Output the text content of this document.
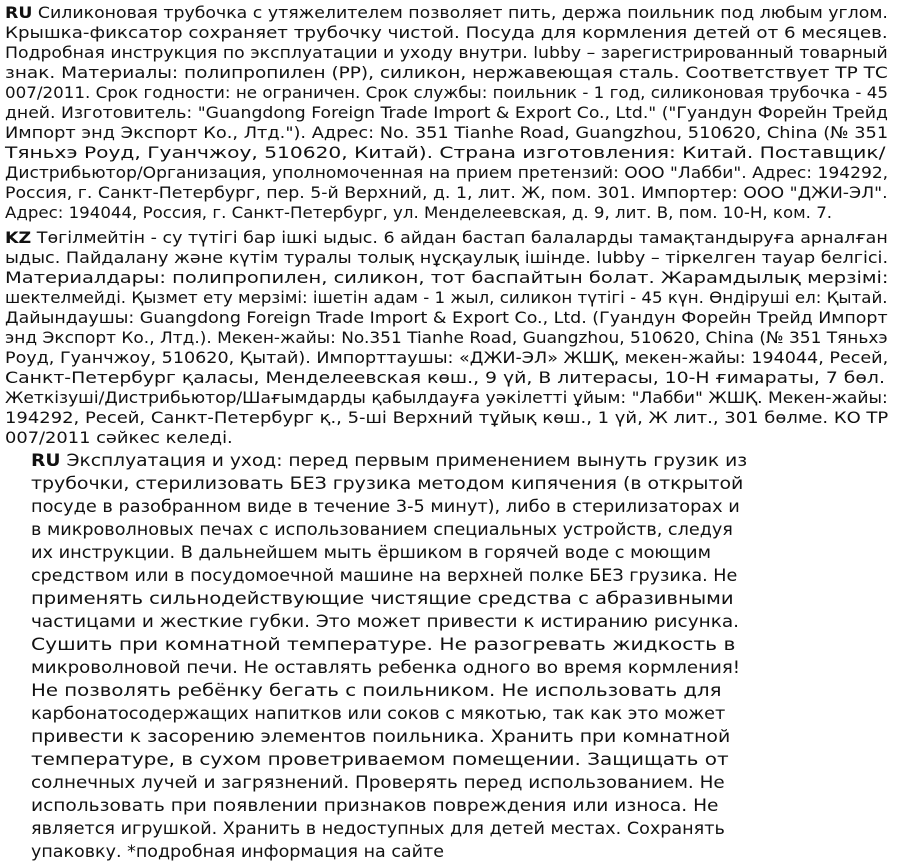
RU Силиконовая трубочка с утяжелителем позволяет пить, держа поильник под любым углом.
Крышка-фиксатор сохраняет трубочку чистой. Посуда для кормления детей от 6 месяцев.
Подробная инструкция по эксплуатации и уходу внутри. lubby – зарегистрированный товарный
знак. Материалы: полипропилен (PP), силикон, нержавеющая сталь. Соответствует ТР ТС
007/2011. Срок годности: не ограничен. Срок службы: поильник - 1 год, силиконовая трубочка - 45
дней. Изготовитель: "Guangdong Foreign Trade Import & Export Co., Ltd." ("Гуандун Форейн Трейд
Импорт энд Экспорт Ко., Лтд."). Адрес: No. 351 Tianhe Road, Guangzhou, 510620, China (№ 351
Тяньхэ Роуд, Гуанчжоу, 510620, Китай). Страна изготовления: Китай. Поставщик/
Дистрибьютор/Организация, уполномоченная на прием претензий: ООО "Лабби". Адрес: 194292,
Россия, г. Санкт-Петербург, пер. 5-й Верхний, д. 1, лит. Ж, пом. 301. Импортер: ООО "ДЖИ-ЭЛ".
Адрес: 194044, Россия, г. Санкт-Петербург, ул. Менделеевская, д. 9, лит. В, пом. 10-Н, ком. 7.
KZ Төгілмейтін - су түтігі бар ішкі ыдыс. 6 айдан бастап балаларды тамақтандыруға арналған
ыдыс. Пайдалану және күтім туралы толық нұсқаулық ішінде. lubby – тіркелген тауар белгісі.
Материалдары: полипропилен, силикон, тот баспайтын болат. Жарамдылық мерзімі:
шектелмейді. Қызмет ету мерзімі: ішетін адам - 1 жыл, силикон түтігі - 45 күн. Өндіруші ел: Қытай.
Дайындаушы: Guangdong Foreign Trade Import & Export Co., Ltd. (Гуандун Форейн Трейд Импорт
энд Экспорт Ко., Лтд.). Мекен-жайы: No.351 Tianhe Road, Guangzhou, 510620, China (№ 351 Тяньхэ
Роуд, Гуанчжоу, 510620, Қытай). Импорттаушы: «ДЖИ-ЭЛ» ЖШҚ, мекен-жайы: 194044, Ресей,
Санкт-Петербург қаласы, Менделеевская көш., 9 үй, В литерасы, 10-Н ғимараты, 7 бөл.
Жеткізуші/Дистрибьютор/Шағымдарды қабылдауға уәкілетті ұйым: "Лабби" ЖШҚ. Мекен-жайы:
194292, Ресей, Санкт-Петербург қ., 5-ші Верхний тұйық көш., 1 үй, Ж лит., 301 бөлме. КО ТР
007/2011 сәйкес келеді.
RU Эксплуатация и уход: перед первым применением вынуть грузик из
трубочки, стерилизовать БЕЗ грузика методом кипячения (в открытой
посуде в разобранном виде в течение 3-5 минут), либо в стерилизаторах и
в микроволновых печах с использованием специальных устройств, следуя
их инструкции. В дальнейшем мыть ёршиком в горячей воде с моющим
средством или в посудомоечной машине на верхней полке БЕЗ грузика. Не
применять сильнодействующие чистящие средства с абразивными
частицами и жесткие губки. Это может привести к истиранию рисунка.
Сушить при комнатной температуре. Не разогревать жидкость в
микроволновой печи. Не оставлять ребенка одного во время кормления!
Не позволять ребёнку бегать с поильником. Не использовать для
карбонатосодержащих напитков или соков с мякотью, так как это может
привести к засорению элементов поильника. Хранить при комнатной
температуре, в сухом проветриваемом помещении. Защищать от
солнечных лучей и загрязнений. Проверять перед использованием. Не
использовать при появлении признаков повреждения или износа. Не
является игрушкой. Хранить в недоступных для детей местах. Сохранять
упаковку. *подробная информация на сайте
